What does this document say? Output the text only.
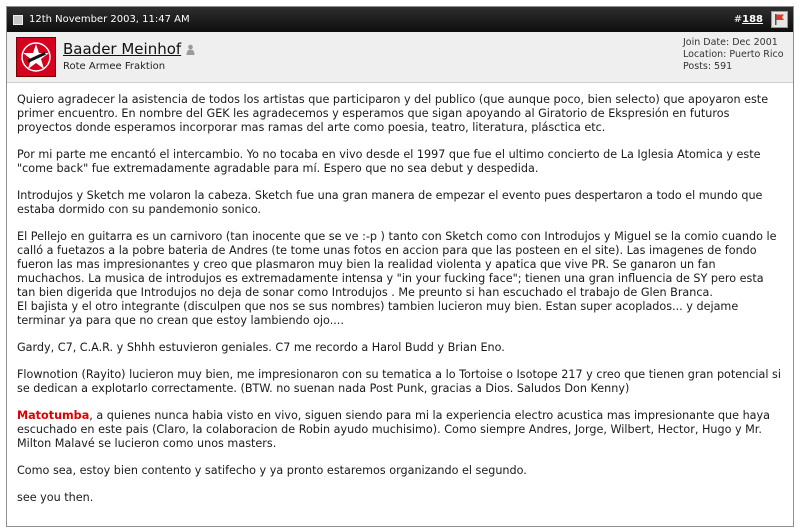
12th November 2003, 11:47 AM	#188
Baader Meinhof
Rote Armee Fraktion
Join Date: Dec 2001
Location: Puerto Rico
Posts: 591

Quiero agradecer la asistencia de todos los artistas que participaron y del publico (que aunque poco, bien selecto) que apoyaron este primer encuentro. En nombre del GEK les agradecemos y esperamos que sigan apoyando al Giratorio de Ekspresión en futuros proyectos donde esperamos incorporar mas ramas del arte como poesia, teatro, literatura, plásctica etc.

Por mi parte me encantó el intercambio. Yo no tocaba en vivo desde el 1997 que fue el ultimo concierto de La Iglesia Atomica y este "come back" fue extremadamente agradable para mí. Espero que no sea debut y despedida.

Introdujos y Sketch me volaron la cabeza. Sketch fue una gran manera de empezar el evento pues despertaron a todo el mundo que estaba dormido con su pandemonio sonico.

El Pellejo en guitarra es un carnivoro (tan inocente que se ve :-p ) tanto con Sketch como con Introdujos y Miguel se la comio cuando le calló a fuetazos a la pobre bateria de Andres (te tome unas fotos en accion para que las posteen en el site). Las imagenes de fondo fueron las mas impresionantes y creo que plasmaron muy bien la realidad violenta y apatica que vive PR. Se ganaron un fan muchachos. La musica de introdujos es extremadamente intensa y "in your fucking face"; tienen una gran influencia de SY pero esta tan bien digerida que Introdujos no deja de sonar como Introdujos . Me preunto si han escuchado el trabajo de Glen Branca.
El bajista y el otro integrante (disculpen que nos se sus nombres) tambien lucieron muy bien. Estan super acoplados... y dejame terminar ya para que no crean que estoy lambiendo ojo....

Gardy, C7, C.A.R. y Shhh estuvieron geniales. C7 me recordo a Harol Budd y Brian Eno.

Flownotion (Rayito) lucieron muy bien, me impresionaron con su tematica a lo Tortoise o Isotope 217 y creo que tienen gran potencial si se dedican a explotarlo correctamente. (BTW. no suenan nada Post Punk, gracias a Dios. Saludos Don Kenny)

Matotumba, a quienes nunca habia visto en vivo, siguen siendo para mi la experiencia electro acustica mas impresionante que haya escuchado en este pais (Claro, la colaboracion de Robin ayudo muchisimo). Como siempre Andres, Jorge, Wilbert, Hector, Hugo y Mr. Milton Malavé se lucieron como unos masters.

Como sea, estoy bien contento y satifecho y ya pronto estaremos organizando el segundo.

see you then.
